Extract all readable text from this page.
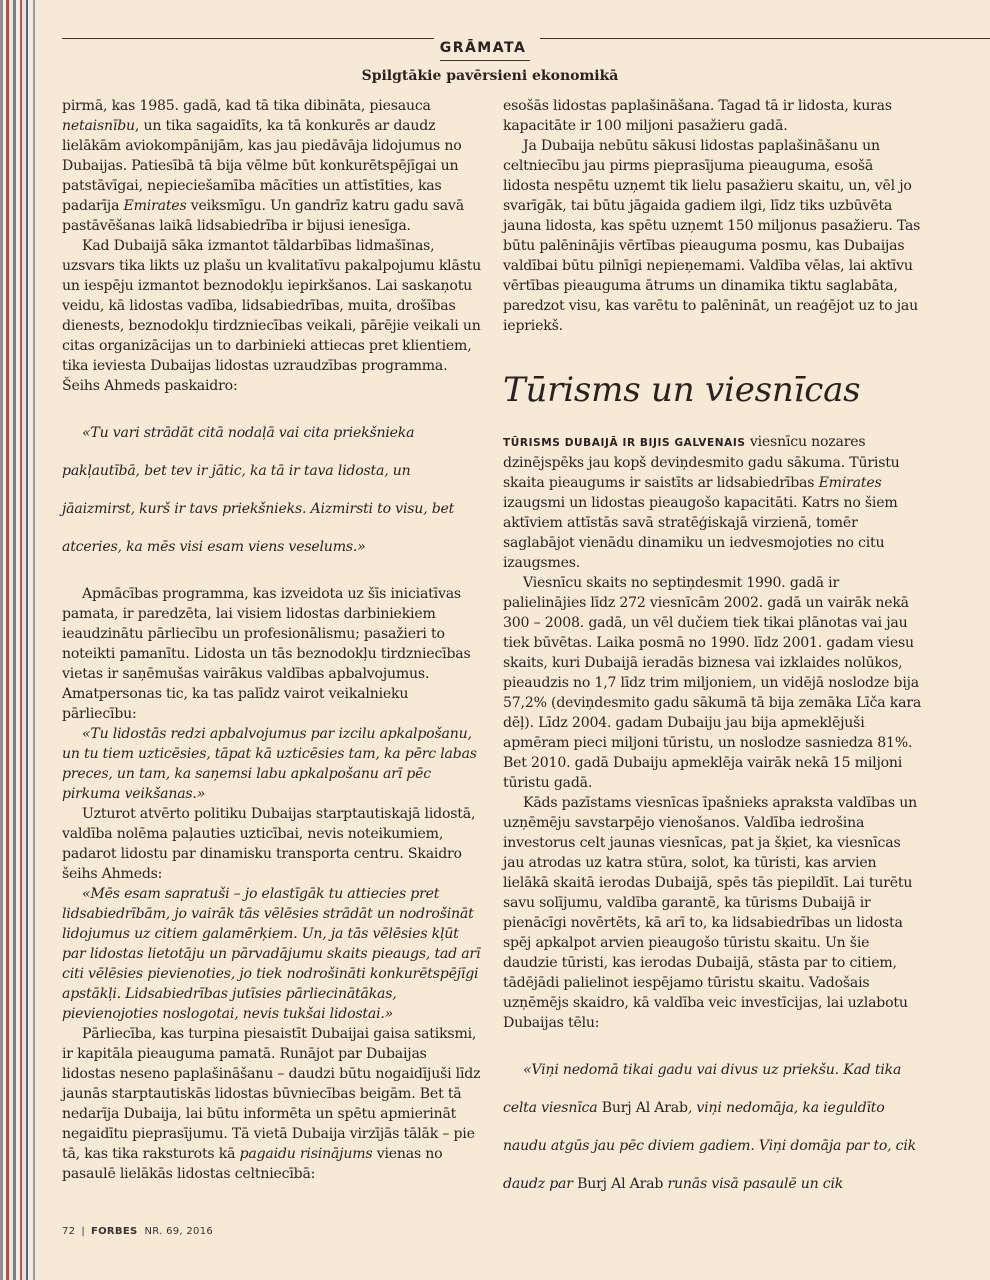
GRĀMATA
Spilgtākie pavērsieni ekonomikā

pirmā, kas 1985. gadā, kad tā tika dibināta, piesauca netaisnību, un tika sagaidīts, ka tā konkurēs ar daudz lielākām aviokompānijām, kas jau piedāvāja lidojumus no Dubaijas. Patiesībā tā bija vēlme būt konkurētspējīgai un patstāvīgai, nepieciešamība mācīties un attīstīties, kas padarīja Emirates veiksmīgu. Un gandrīz katru gadu savā pastāvēšanas laikā lidsabiedrība ir bijusi ienesīga.

Kad Dubaijā sāka izmantot tāldarbības lidmašīnas, uzsvars tika likts uz plašu un kvalitatīvu pakalpojumu klāstu un iespēju izmantot beznodokļu iepirkšanos. Lai saskaņotu veidu, kā lidostas vadība, lidsabiedrības, muita, drošības dienests, beznodokļu tirdzniecības veikali, pārējie veikali un citas organizācijas un to darbinieki attiecas pret klientiem, tika ieviesta Dubaijas lidostas uzraudzības programma. Šeihs Ahmeds paskaidro:

«Tu vari strādāt citā nodaļā vai cita priekšnieka pakļautībā, bet tev ir jātic, ka tā ir tava lidosta, un jāaizmirst, kurš ir tavs priekšnieks. Aizmirsti to visu, bet atceries, ka mēs visi esam viens veselums.»

Apmācības programma, kas izveidota uz šīs iniciatīvas pamata, ir paredzēta, lai visiem lidostas darbiniekiem ieaudzinātu pārliecību un profesionālismu; pasažieri to noteikti pamanītu. Lidosta un tās beznodokļu tirdzniecības vietas ir saņēmušas vairākus valdības apbalvojumus. Amatpersonas tic, ka tas palīdz vairot veikalnieku pārliecību:

«Tu lidostās redzi apbalvojumus par izcilu apkalpošanu, un tu tiem uzticēsies, tāpat kā uzticēsies tam, ka pērc labas preces, un tam, ka saņemsi labu apkalpošanu arī pēc pirkuma veikšanas.»

Uzturot atvērto politiku Dubaijas starptautiskajā lidostā, valdība nolēma paļauties uzticībai, nevis noteikumiem, padarot lidostu par dinamisku transporta centru. Skaidro šeihs Ahmeds:

«Mēs esam sapratuši – jo elastīgāk tu attiecies pret lidsabiedrībām, jo vairāk tās vēlēsies strādāt un nodrošināt lidojumus uz citiem galamērķiem. Un, ja tās vēlēsies kļūt par lidostas lietotāju un pārvadājumu skaits pieaugs, tad arī citi vēlēsies pievienoties, jo tiek nodrošināti konkurētspējīgi apstākļi. Lidsabiedrības jutīsies pārliecinātākas, pievienojoties noslogotai, nevis tukšai lidostai.»

Pārliecība, kas turpina piesaistīt Dubaijai gaisa satiksmi, ir kapitāla pieauguma pamatā. Runājot par Dubaijas lidostas neseno paplašināšanu – daudzi būtu nogaidījuši līdz jaunās starptautiskās lidostas būvniecības beigām. Bet tā nedarīja Dubaija, lai būtu informēta un spētu apmierināt negaidītu pieprasījumu. Tā vietā Dubaija virzījās tālāk – pie tā, kas tika raksturots kā pagaidu risinājums vienas no pasaulē lielākās lidostas celtniecībā:

esošās lidostas paplašināšana. Tagad tā ir lidosta, kuras kapacitāte ir 100 miljoni pasažieru gadā.

Ja Dubaija nebūtu sākusi lidostas paplašināšanu un celtniecību jau pirms pieprasījuma pieauguma, esošā lidosta nespētu uzņemt tik lielu pasažieru skaitu, un, vēl jo svarīgāk, tai būtu jāgaida gadiem ilgi, līdz tiks uzbūvēta jauna lidosta, kas spētu uzņemt 150 miljonus pasažieru. Tas būtu palēninājis vērtības pieauguma posmu, kas Dubaijas valdībai būtu pilnīgi nepieņemami. Valdība vēlas, lai aktīvu vērtības pieauguma ātrums un dinamika tiktu saglabāta, paredzot visu, kas varētu to palēnināt, un reaģējot uz to jau iepriekš.

Tūrisms un viesnīcas

TŪRISMS DUBAIJĀ IR BIJIS GALVENAIS viesnīcu nozares dzinējspēks jau kopš deviņdesmito gadu sākuma. Tūristu skaita pieaugums ir saistīts ar lidsabiedrības Emirates izaugsmi un lidostas pieaugošo kapacitāti. Katrs no šiem aktīviem attīstās savā stratēģiskajā virzienā, tomēr saglabājot vienādu dinamiku un iedvesmojoties no citu izaugsmes.

Viesnīcu skaits no septiņdesmit 1990. gadā ir palielinājies līdz 272 viesnīcām 2002. gadā un vairāk nekā 300 – 2008. gadā, un vēl dučiem tiek tikai plānotas vai jau tiek būvētas. Laika posmā no 1990. līdz 2001. gadam viesu skaits, kuri Dubaijā ieradās biznesa vai izklaides nolūkos, pieaudzis no 1,7 līdz trim miljoniem, un vidējā noslodze bija 57,2% (deviņdesmito gadu sākumā tā bija zemāka Līča kara dēļ). Līdz 2004. gadam Dubaiju jau bija apmeklējuši apmēram pieci miljoni tūristu, un noslodze sasniedza 81%. Bet 2010. gadā Dubaiju apmeklēja vairāk nekā 15 miljoni tūristu gadā.

Kāds pazīstams viesnīcas īpašnieks apraksta valdības un uzņēmēju savstarpējo vienošanos. Valdība iedrošina investorus celt jaunas viesnīcas, pat ja šķiet, ka viesnīcas jau atrodas uz katra stūra, solot, ka tūristi, kas arvien lielākā skaitā ierodas Dubaijā, spēs tās piepildīt. Lai turētu savu solījumu, valdība garantē, ka tūrisms Dubaijā ir pienācīgi novērtēts, kā arī to, ka lidsabiedrības un lidosta spēj apkalpot arvien pieaugošo tūristu skaitu. Un šie daudzie tūristi, kas ierodas Dubaijā, stāsta par to citiem, tādējādi palielinot iespējamo tūristu skaitu. Vadošais uzņēmējs skaidro, kā valdība veic investīcijas, lai uzlabotu Dubaijas tēlu:

«Viņi nedomā tikai gadu vai divus uz priekšu. Kad tika celta viesnīca Burj Al Arab, viņi nedomāja, ka ieguldīto naudu atgūs jau pēc diviem gadiem. Viņi domāja par to, cik daudz par Burj Al Arab runās visā pasaulē un cik

72 | FORBES NR. 69, 2016
